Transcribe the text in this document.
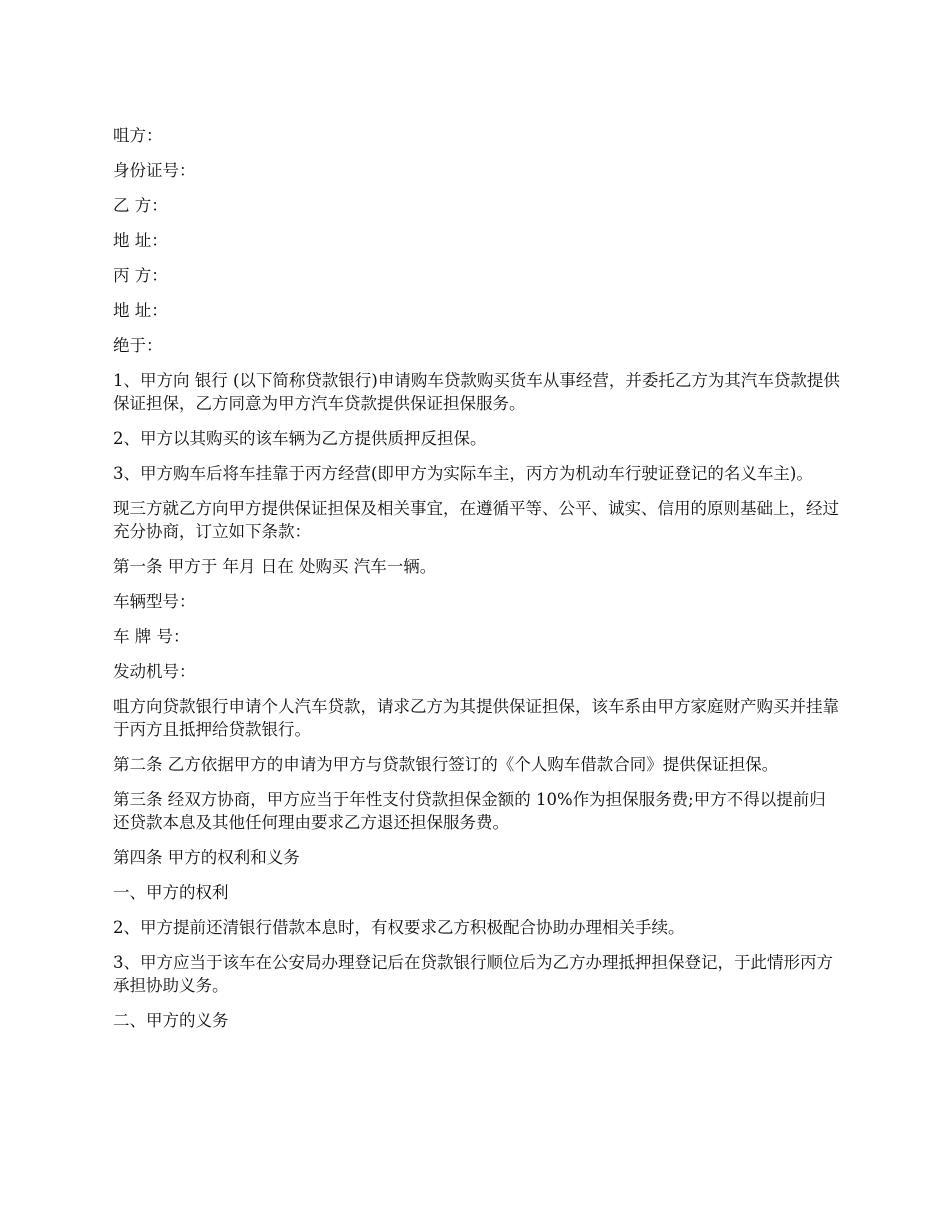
咀方：

身份证号：

乙 方：

地 址：

丙 方：

地 址：

绝于：

1、甲方向 银行 (以下简称贷款银行)申请购车贷款购买货车从事经营，并委托乙方为其汽车贷款提供保证担保，乙方同意为甲方汽车贷款提供保证担保服务。

2、甲方以其购买的该车辆为乙方提供质押反担保。

3、甲方购车后将车挂靠于丙方经营(即甲方为实际车主，丙方为机动车行驶证登记的名义车主)。

现三方就乙方向甲方提供保证担保及相关事宜，在遵循平等、公平、诚实、信用的原则基础上，经过充分协商，订立如下条款：

第一条 甲方于 年月 日在 处购买 汽车一辆。

车辆型号：

车 牌 号：

发动机号：

咀方向贷款银行申请个人汽车贷款，请求乙方为其提供保证担保，该车系由甲方家庭财产购买并挂靠于丙方且抵押给贷款银行。

第二条 乙方依据甲方的申请为甲方与贷款银行签订的《个人购车借款合同》提供保证担保。

第三条 经双方协商，甲方应当于年性支付贷款担保金额的 10%作为担保服务费;甲方不得以提前归还贷款本息及其他任何理由要求乙方退还担保服务费。

第四条 甲方的权利和义务

一、甲方的权利

2、甲方提前还清银行借款本息时，有权要求乙方积极配合协助办理相关手续。

3、甲方应当于该车在公安局办理登记后在贷款银行顺位后为乙方办理抵押担保登记，于此情形丙方承担协助义务。

二、甲方的义务
